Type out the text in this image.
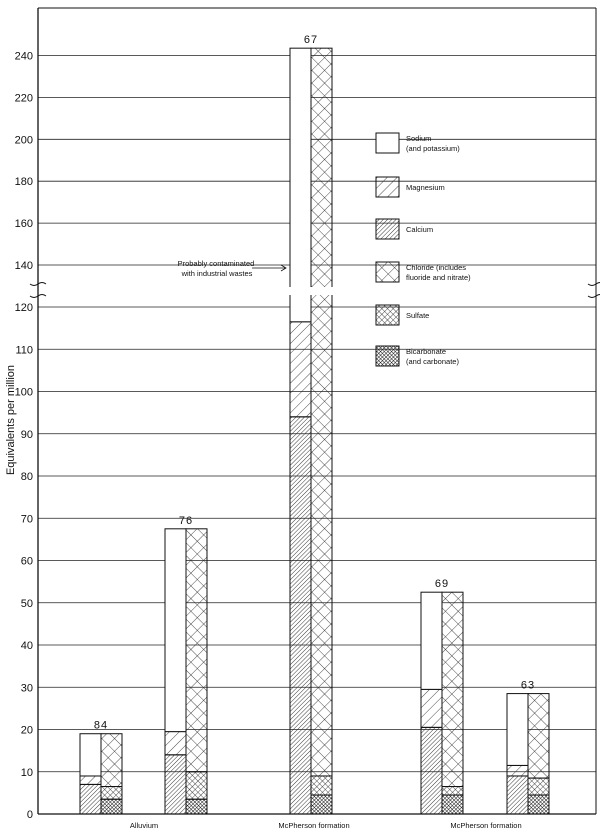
0
10
20
30
40
50
60
70
80
90
100
110
120
140
160
180
200
220
240
84
76
67
69
63
Alluvium	McPherson formation	McPherson formation
Sodium (and potassium)
Magnesium
Calcium
Chloride (includes fluoride and nitrate)
Sulfate
Bicarbonate (and carbonate)
Equivalents per million
Probably contaminated with industrial wastes
